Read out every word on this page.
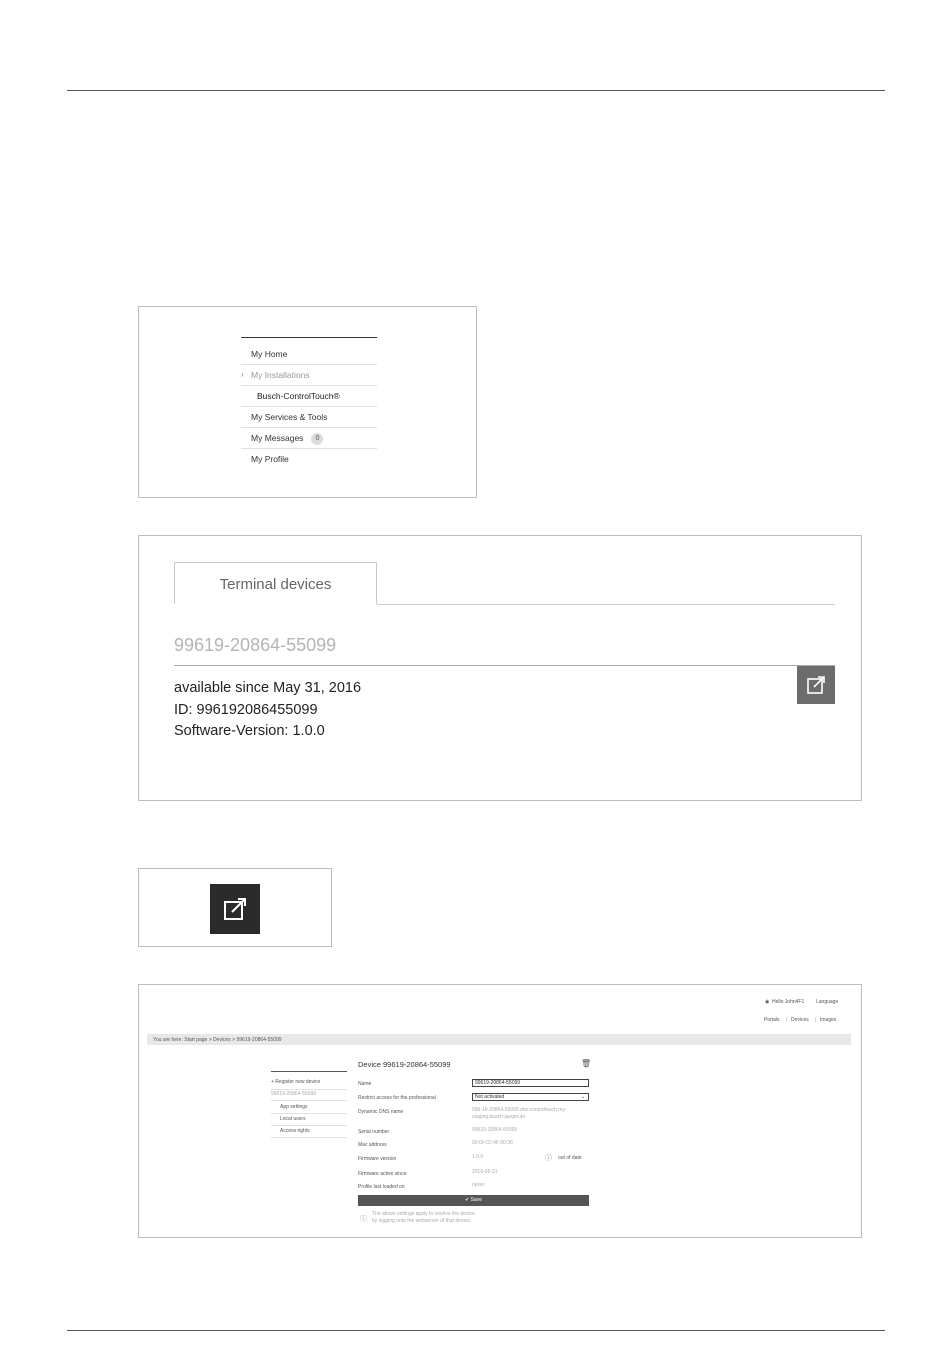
My Home
› My Installations
Busch-ControlTouch®
My Services & Tools
My Messages 0
My Profile
Terminal devices
99619-20864-55099
available since May 31, 2016
ID: 996192086455099
Software-Version: 1.0.0
◉ Hello John4F1 Language
Portals | Devices | Images
You are here: Start page > Devices > 99619-20864-55099
+ Register new device
99619-20864-55099
App settings
Local users
Access rights
Device 99619-20864-55099	🗑
Name	99619-20864-55099
Restrict access for the professional	Not activated	⌄
Dynamic DNS name	996-19-20864-55099.dns.controltouch.my-
staging.busch-jaeger.de
Serial number	99619-20864-55099
Mac address	00:0F:02:4F:00:36
Firmware version	1.0.0	ⓘ out of date
Firmware active since	2016-05-31
Profile last loaded on	never
✔ Save
ⓘ
The above settings apply to resolve the device
by logging onto the webserver of that device.
